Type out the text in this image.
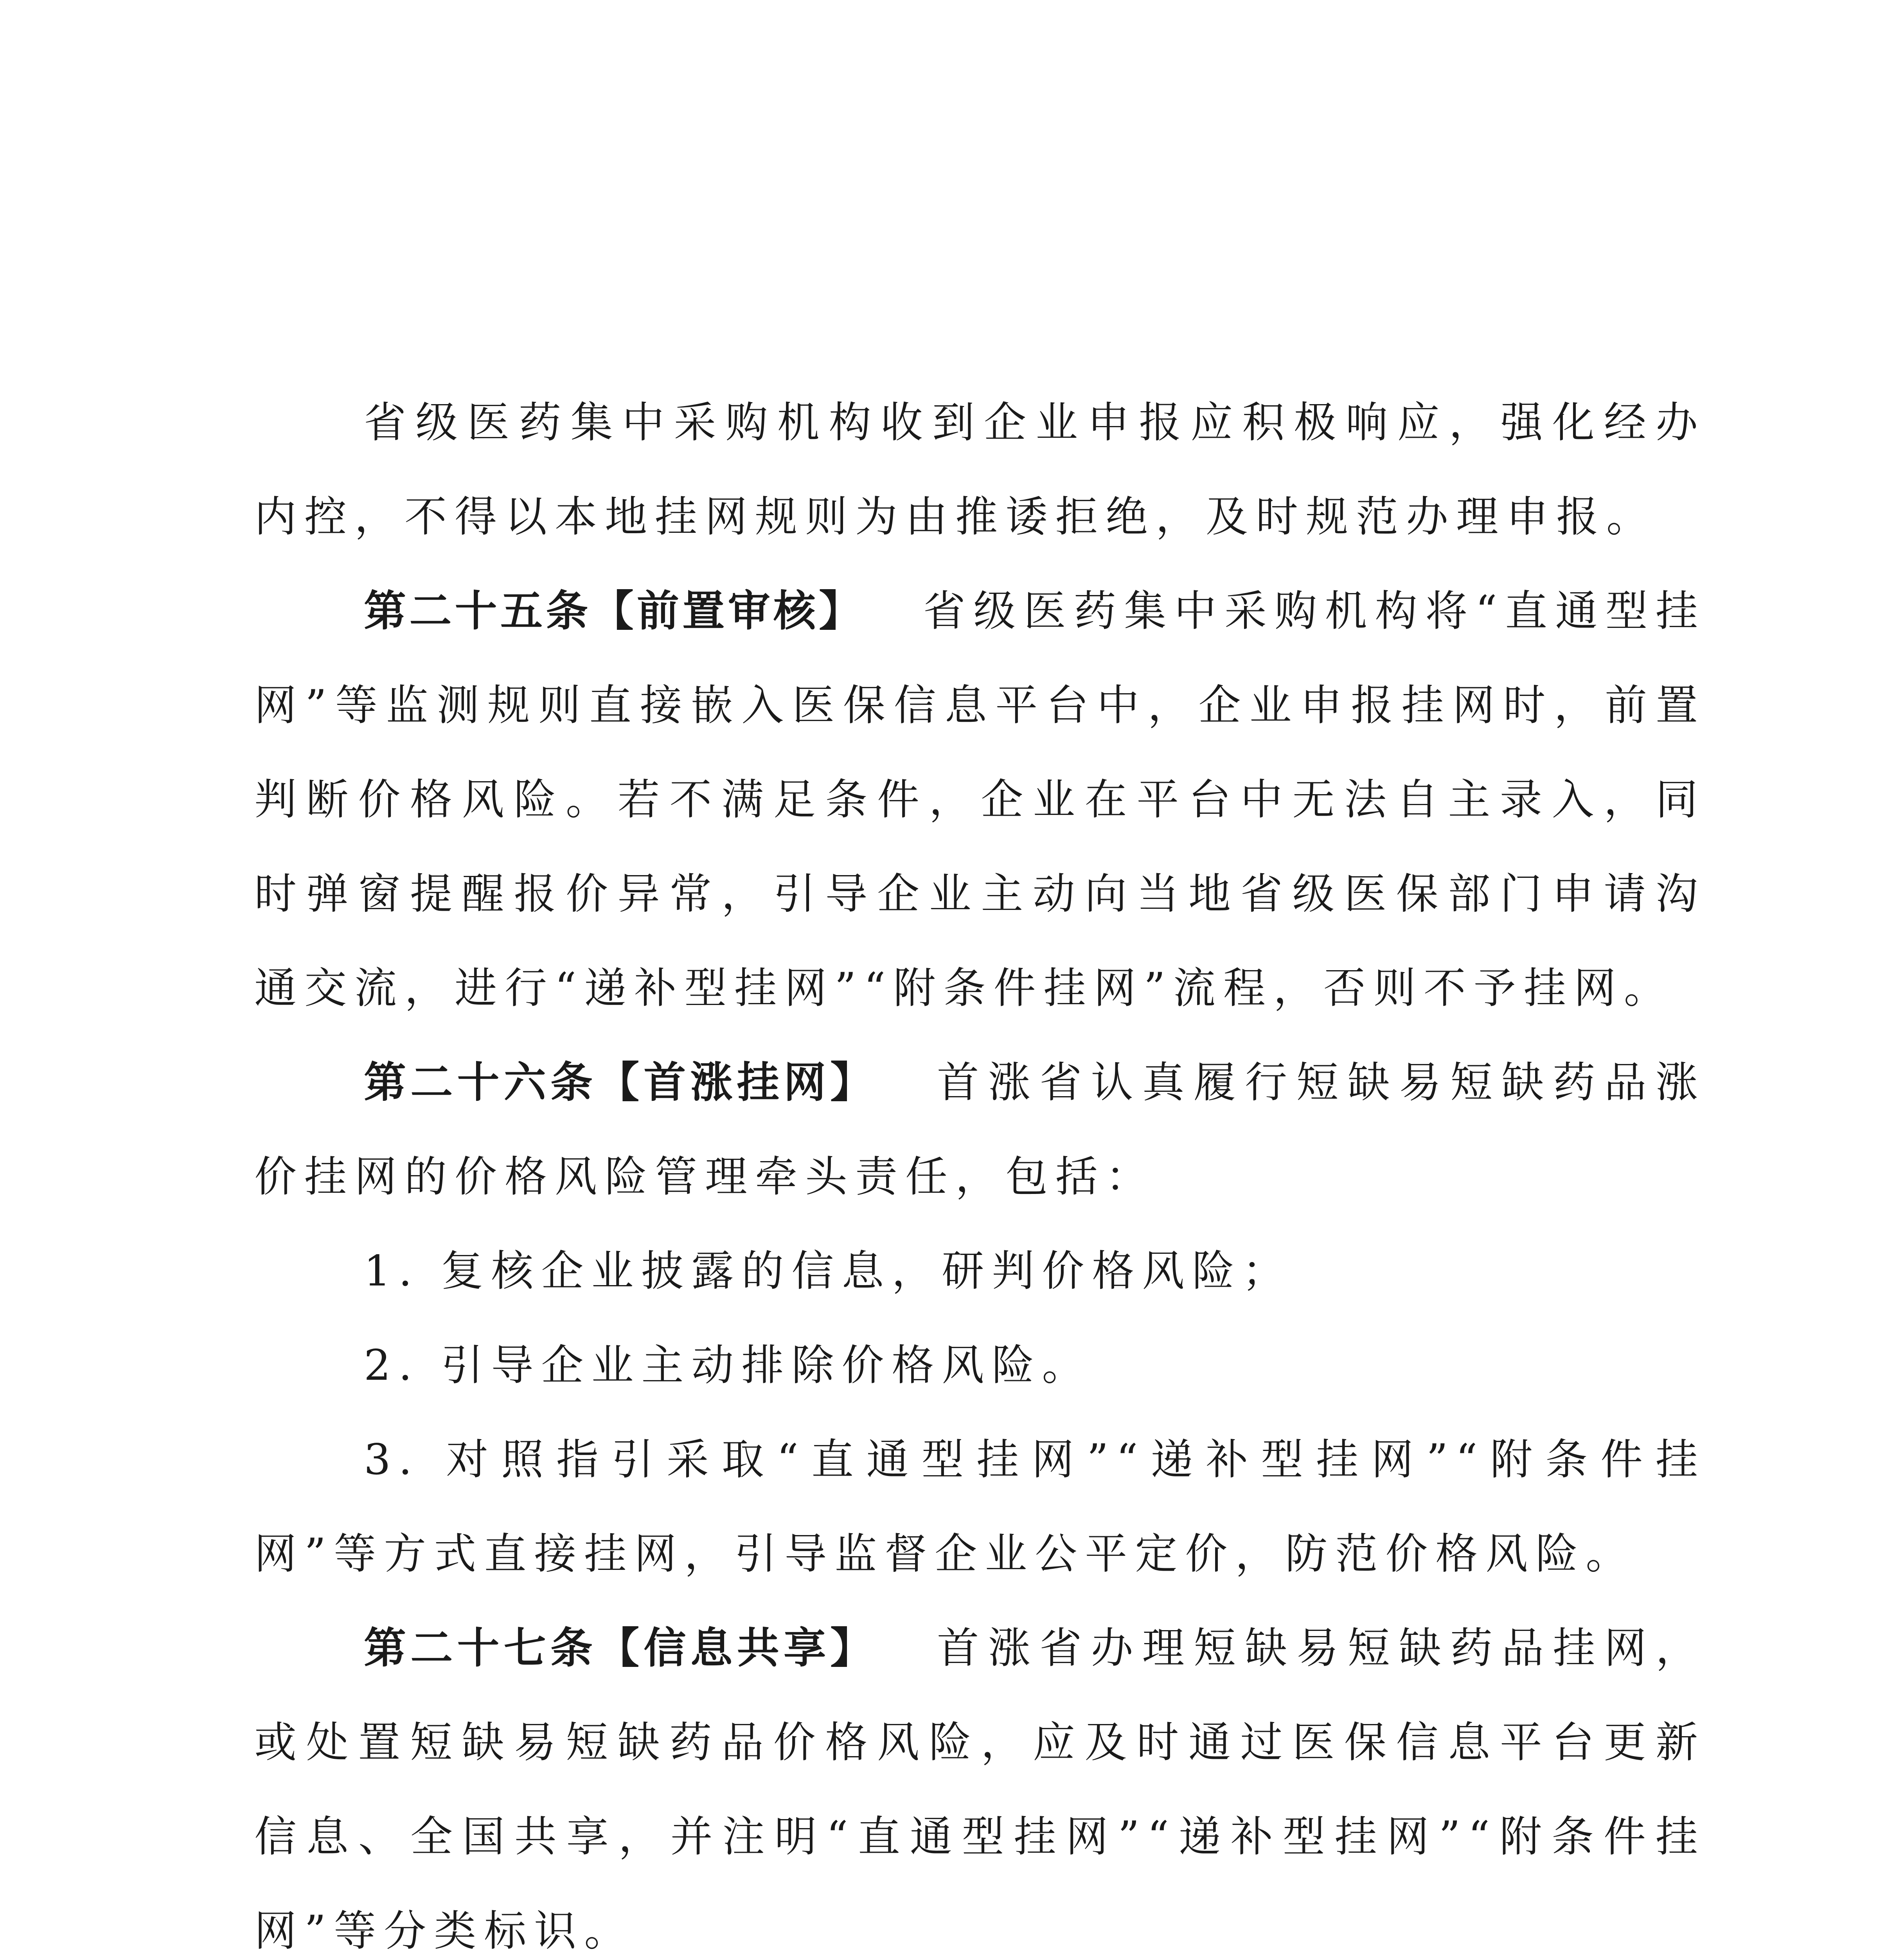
省级医药集中采购机构收到企业申报应积极响应，强化经办内控，不得以本地挂网规则为由推诿拒绝，及时规范办理申报。

第二十五条【前置审核】 省级医药集中采购机构将“直通型挂网”等监测规则直接嵌入医保信息平台中，企业申报挂网时，前置判断价格风险。若不满足条件，企业在平台中无法自主录入，同时弹窗提醒报价异常，引导企业主动向当地省级医保部门申请沟通交流，进行“递补型挂网”“附条件挂网”流程，否则不予挂网。

第二十六条【首涨挂网】 首涨省认真履行短缺易短缺药品涨价挂网的价格风险管理牵头责任，包括：

1. 复核企业披露的信息，研判价格风险；

2. 引导企业主动排除价格风险。

3. 对照指引采取“直通型挂网”“递补型挂网”“附条件挂网”等方式直接挂网，引导监督企业公平定价，防范价格风险。

第二十七条【信息共享】 首涨省办理短缺易短缺药品挂网，或处置短缺易短缺药品价格风险，应及时通过医保信息平台更新信息、全国共享，并注明“直通型挂网”“递补型挂网”“附条件挂网”等分类标识。
